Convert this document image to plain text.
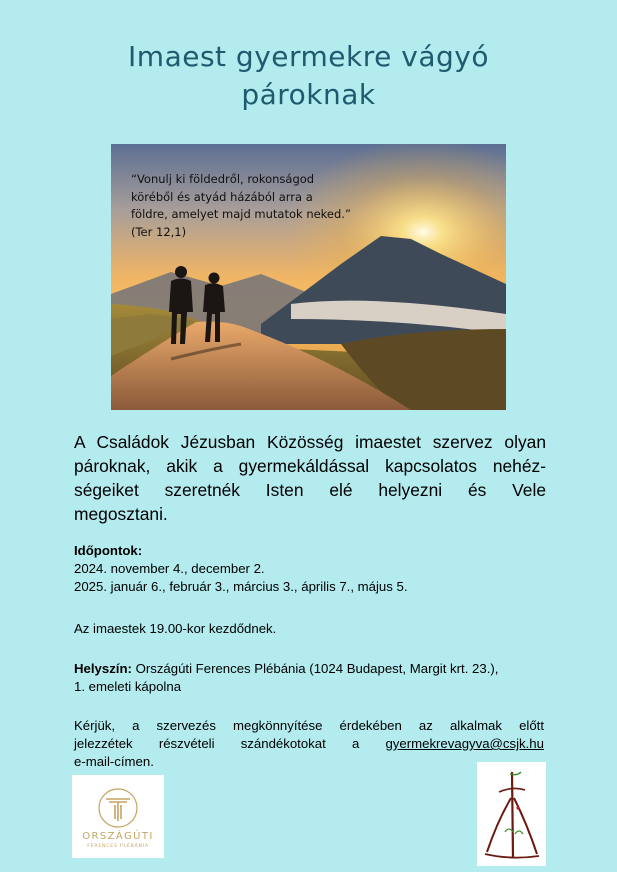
Imaest gyermekre vágyó
pároknak
“Vonulj ki földedről, rokonságod
köréből és atyád házából arra a
földre, amelyet majd mutatok neked.”
(Ter 12,1)
A Családok Jézusban Közösség imaestet szervez olyan
pároknak, akik a gyermekáldással kapcsolatos nehéz-
ségeiket szeretnék Isten elé helyezni és Vele
megosztani.
Időpontok:
2024. november 4., december 2.
2025. január 6., február 3., március 3., április 7., május 5.
Az imaestek 19.00-kor kezdődnek.
Helyszín: Országúti Ferences Plébánia (1024 Budapest, Margit krt. 23.),
1. emeleti kápolna
Kérjük, a szervezés megkönnyítése érdekében az alkalmak előtt
jelezzétek részvételi szándékotokat a gyermekrevagyva@csjk.hu
e-mail-címen.
ORSZÁGÚTI
FERENCES PLÉBÁNIA
